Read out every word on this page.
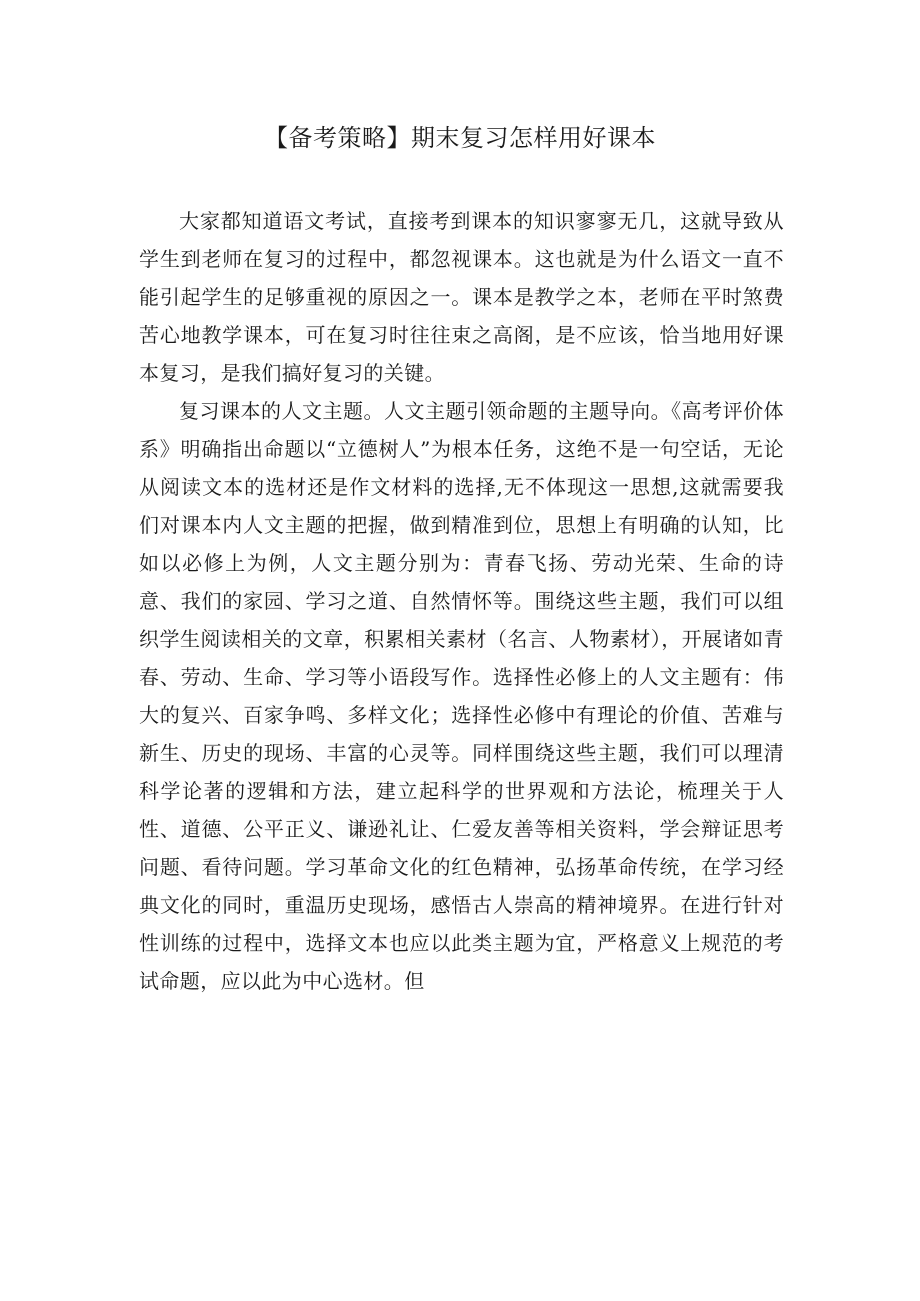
【备考策略】期末复习怎样用好课本

大家都知道语文考试，直接考到课本的知识寥寥无几，这就导致从学生到老师在复习的过程中，都忽视课本。这也就是为什么语文一直不能引起学生的足够重视的原因之一。课本是教学之本，老师在平时煞费苦心地教学课本，可在复习时往往束之高阁，是不应该，恰当地用好课本复习，是我们搞好复习的关键。

复习课本的人文主题。人文主题引领命题的主题导向。《高考评价体系》明确指出命题以“立德树人”为根本任务，这绝不是一句空话，无论从阅读文本的选材还是作文材料的选择,无不体现这一思想,这就需要我们对课本内人文主题的把握，做到精准到位，思想上有明确的认知，比如以必修上为例，人文主题分别为：青春飞扬、劳动光荣、生命的诗意、我们的家园、学习之道、自然情怀等。围绕这些主题，我们可以组织学生阅读相关的文章，积累相关素材（名言、人物素材），开展诸如青春、劳动、生命、学习等小语段写作。选择性必修上的人文主题有：伟大的复兴、百家争鸣、多样文化；选择性必修中有理论的价值、苦难与新生、历史的现场、丰富的心灵等。同样围绕这些主题，我们可以理清科学论著的逻辑和方法，建立起科学的世界观和方法论，梳理关于人性、道德、公平正义、谦逊礼让、仁爱友善等相关资料，学会辩证思考问题、看待问题。学习革命文化的红色精神，弘扬革命传统，在学习经典文化的同时，重温历史现场，感悟古人崇高的精神境界。在进行针对性训练的过程中，选择文本也应以此类主题为宜，严格意义上规范的考试命题，应以此为中心选材。但
